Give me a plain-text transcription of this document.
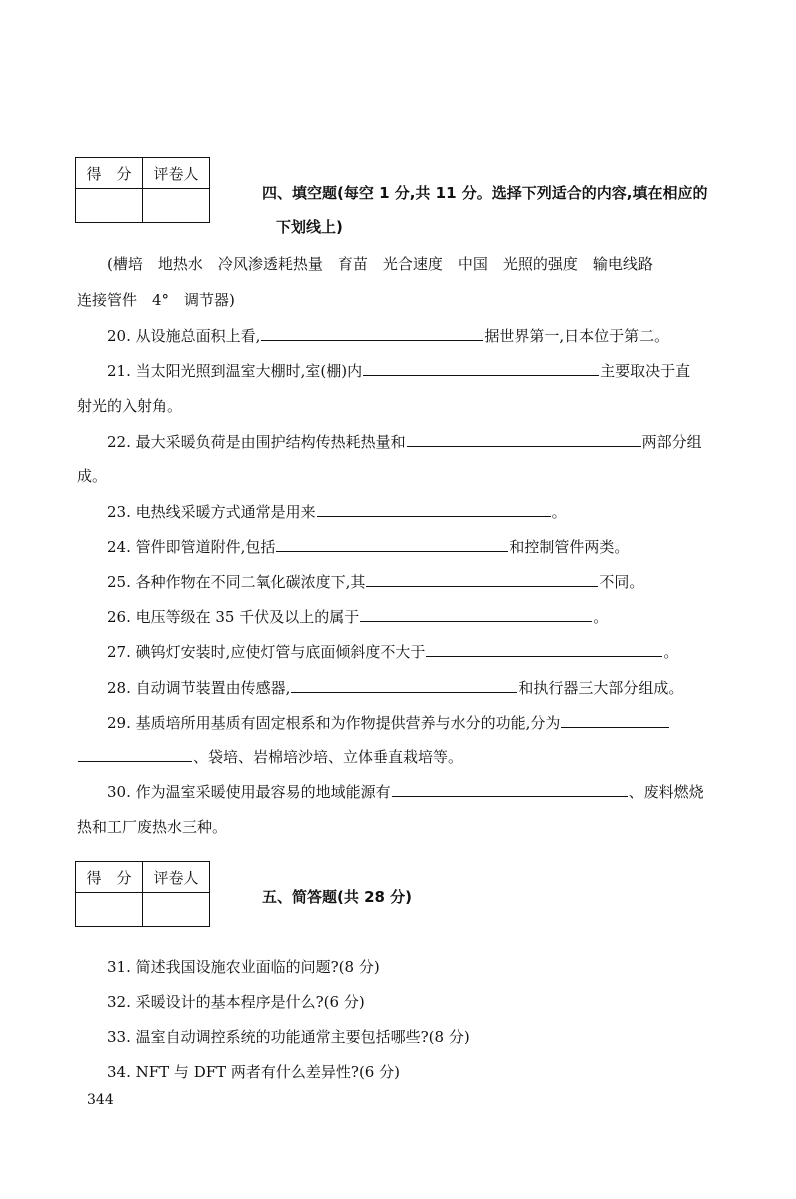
得　分	评卷人

四、填空题(每空 1 分,共 11 分。选择下列适合的内容,填在相应的
下划线上)
(槽培　地热水　冷风渗透耗热量　育苗　光合速度　中国　光照的强度　输电线路
连接管件　4°　调节器)
20. 从设施总面积上看,	据世界第一,日本位于第二。
21. 当太阳光照到温室大棚时,室(棚)内	主要取决于直
射光的入射角。
22. 最大采暖负荷是由围护结构传热耗热量和	两部分组
成。
23. 电热线采暖方式通常是用来	。
24. 管件即管道附件,包括	和控制管件两类。
25. 各种作物在不同二氧化碳浓度下,其	不同。
26. 电压等级在 35 千伏及以上的属于	。
27. 碘钨灯安装时,应使灯管与底面倾斜度不大于	。
28. 自动调节装置由传感器,	和执行器三大部分组成。
29. 基质培所用基质有固定根系和为作物提供营养与水分的功能,分为
、袋培、岩棉培沙培、立体垂直栽培等。
30. 作为温室采暖使用最容易的地域能源有	、废料燃烧
热和工厂废热水三种。
得　分	评卷人

五、简答题(共 28 分)
31. 简述我国设施农业面临的问题?(8 分)
32. 采暖设计的基本程序是什么?(6 分)
33. 温室自动调控系统的功能通常主要包括哪些?(8 分)
34. NFT 与 DFT 两者有什么差异性?(6 分)
344
